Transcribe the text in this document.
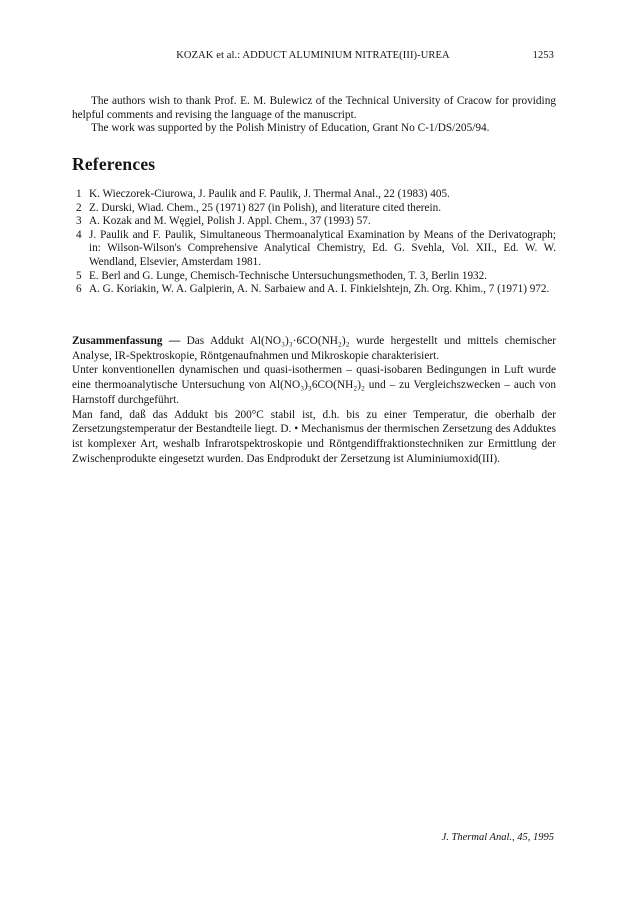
KOZAK et al.: ADDUCT ALUMINIUM NITRATE(III)-UREA	1253

The authors wish to thank Prof. E. M. Bulewicz of the Technical University of Cracow for providing helpful comments and revising the language of the manuscript.

The work was supported by the Polish Ministry of Education, Grant No C-1/DS/205/94.

References
1 K. Wieczorek-Ciurowa, J. Paulik and F. Paulik, J. Thermal Anal., 22 (1983) 405.
2 Z. Durski, Wiad. Chem., 25 (1971) 827 (in Polish), and literature cited therein.
3 A. Kozak and M. Węgiel, Polish J. Appl. Chem., 37 (1993) 57.
4 J. Paulik and F. Paulik, Simultaneous Thermoanalytical Examination by Means of the Derivatograph; in: Wilson-Wilson's Comprehensive Analytical Chemistry, Ed. G. Svehla, Vol. XII., Ed. W. W. Wendland, Elsevier, Amsterdam 1981.
5 E. Berl and G. Lunge, Chemisch-Technische Untersuchungsmethoden, T. 3, Berlin 1932.
6 A. G. Koriakin, W. A. Galpierin, A. N. Sarbaiew and A. I. Finkielshtejn, Zh. Org. Khim., 7 (1971) 972.

Zusammenfassung — Das Addukt Al(NO₃)₃·6CO(NH₂)₂ wurde hergestellt und mittels chemischer Analyse, IR-Spektroskopie, Röntgenaufnahmen und Mikroskopie charakterisiert.

Unter konventionellen dynamischen und quasi-isothermen – quasi-isobaren Bedingungen in Luft wurde eine thermoanalytische Untersuchung von Al(NO₃)₃6CO(NH₂)₂ und – zu Vergleichszwecken – auch von Harnstoff durchgeführt.

Man fand, daß das Addukt bis 200°C stabil ist, d.h. bis zu einer Temperatur, die oberhalb der Zersetzungstemperatur der Bestandteile liegt. D. • Mechanismus der thermischen Zersetzung des Adduktes ist komplexer Art, weshalb Infrarotspektroskopie und Röntgendiffraktionstechniken zur Ermittlung der Zwischenprodukte eingesetzt wurden. Das Endprodukt der Zersetzung ist Aluminiumoxid(III).

J. Thermal Anal., 45, 1995
